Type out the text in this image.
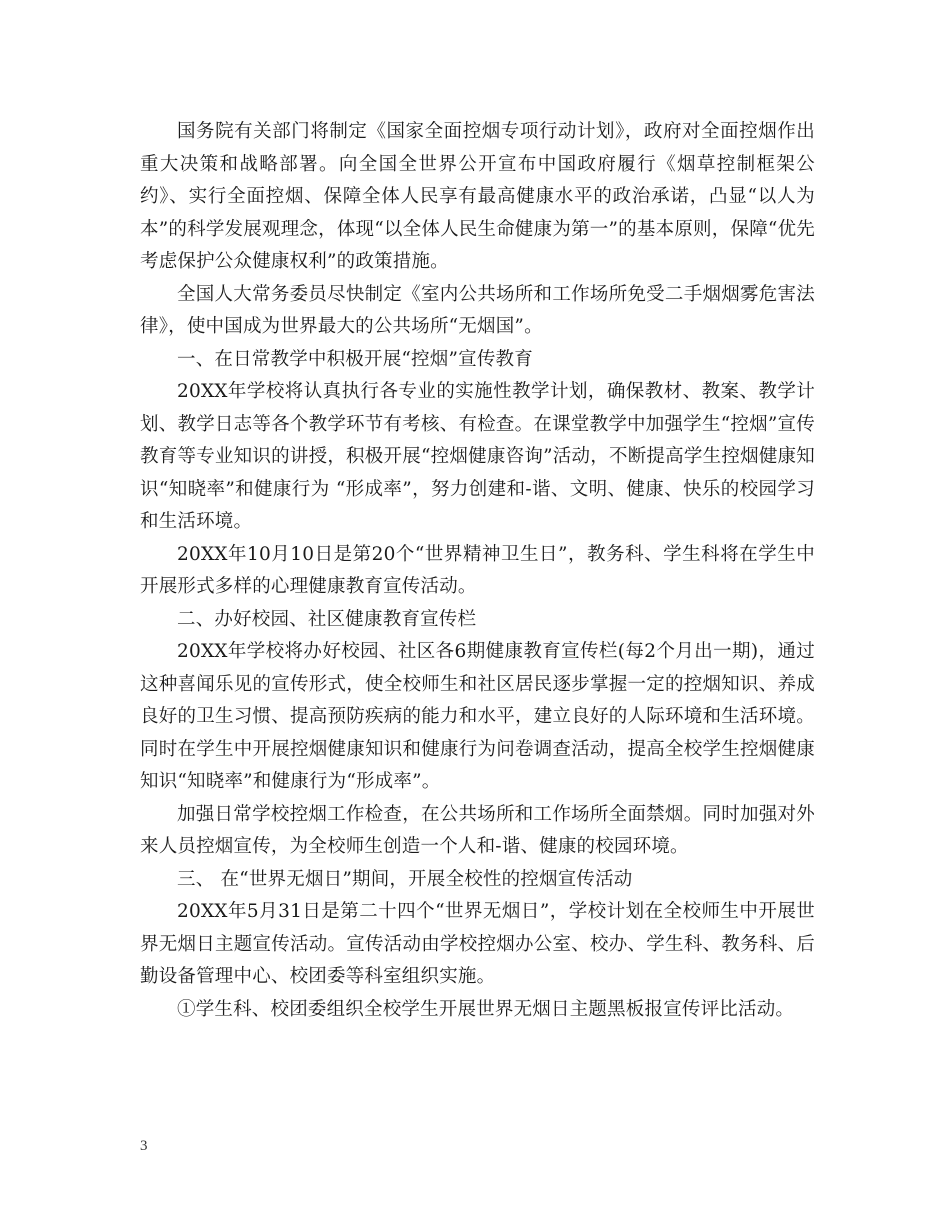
国务院有关部门将制定《国家全面控烟专项行动计划》，政府对全面控烟作出重大决策和战略部署。向全国全世界公开宣布中国政府履行《烟草控制框架公约》、实行全面控烟、保障全体人民享有最高健康水平的政治承诺，凸显“以人为本”的科学发展观理念，体现“以全体人民生命健康为第一”的基本原则，保障“优先考虑保护公众健康权利”的政策措施。

全国人大常务委员尽快制定《室内公共场所和工作场所免受二手烟烟雾危害法律》，使中国成为世界最大的公共场所“无烟国”。

一、在日常教学中积极开展“控烟”宣传教育

20XX年学校将认真执行各专业的实施性教学计划，确保教材、教案、教学计划、教学日志等各个教学环节有考核、有检查。在课堂教学中加强学生“控烟”宣传教育等专业知识的讲授，积极开展“控烟健康咨询”活动，不断提高学生控烟健康知识“知晓率”和健康行为 “形成率”，努力创建和-谐、文明、健康、快乐的校园学习和生活环境。

20XX年10月10日是第20个“世界精神卫生日”，教务科、学生科将在学生中开展形式多样的心理健康教育宣传活动。

二、办好校园、社区健康教育宣传栏

20XX年学校将办好校园、社区各6期健康教育宣传栏(每2个月出一期)，通过这种喜闻乐见的宣传形式，使全校师生和社区居民逐步掌握一定的控烟知识、养成良好的卫生习惯、提高预防疾病的能力和水平，建立良好的人际环境和生活环境。同时在学生中开展控烟健康知识和健康行为问卷调查活动，提高全校学生控烟健康知识“知晓率”和健康行为“形成率”。

加强日常学校控烟工作检查，在公共场所和工作场所全面禁烟。同时加强对外来人员控烟宣传，为全校师生创造一个人和-谐、健康的校园环境。

三、 在“世界无烟日”期间，开展全校性的控烟宣传活动

20XX年5月31日是第二十四个“世界无烟日”，学校计划在全校师生中开展世界无烟日主题宣传活动。宣传活动由学校控烟办公室、校办、学生科、教务科、后勤设备管理中心、校团委等科室组织实施。

①学生科、校团委组织全校学生开展世界无烟日主题黑板报宣传评比活动。

3
